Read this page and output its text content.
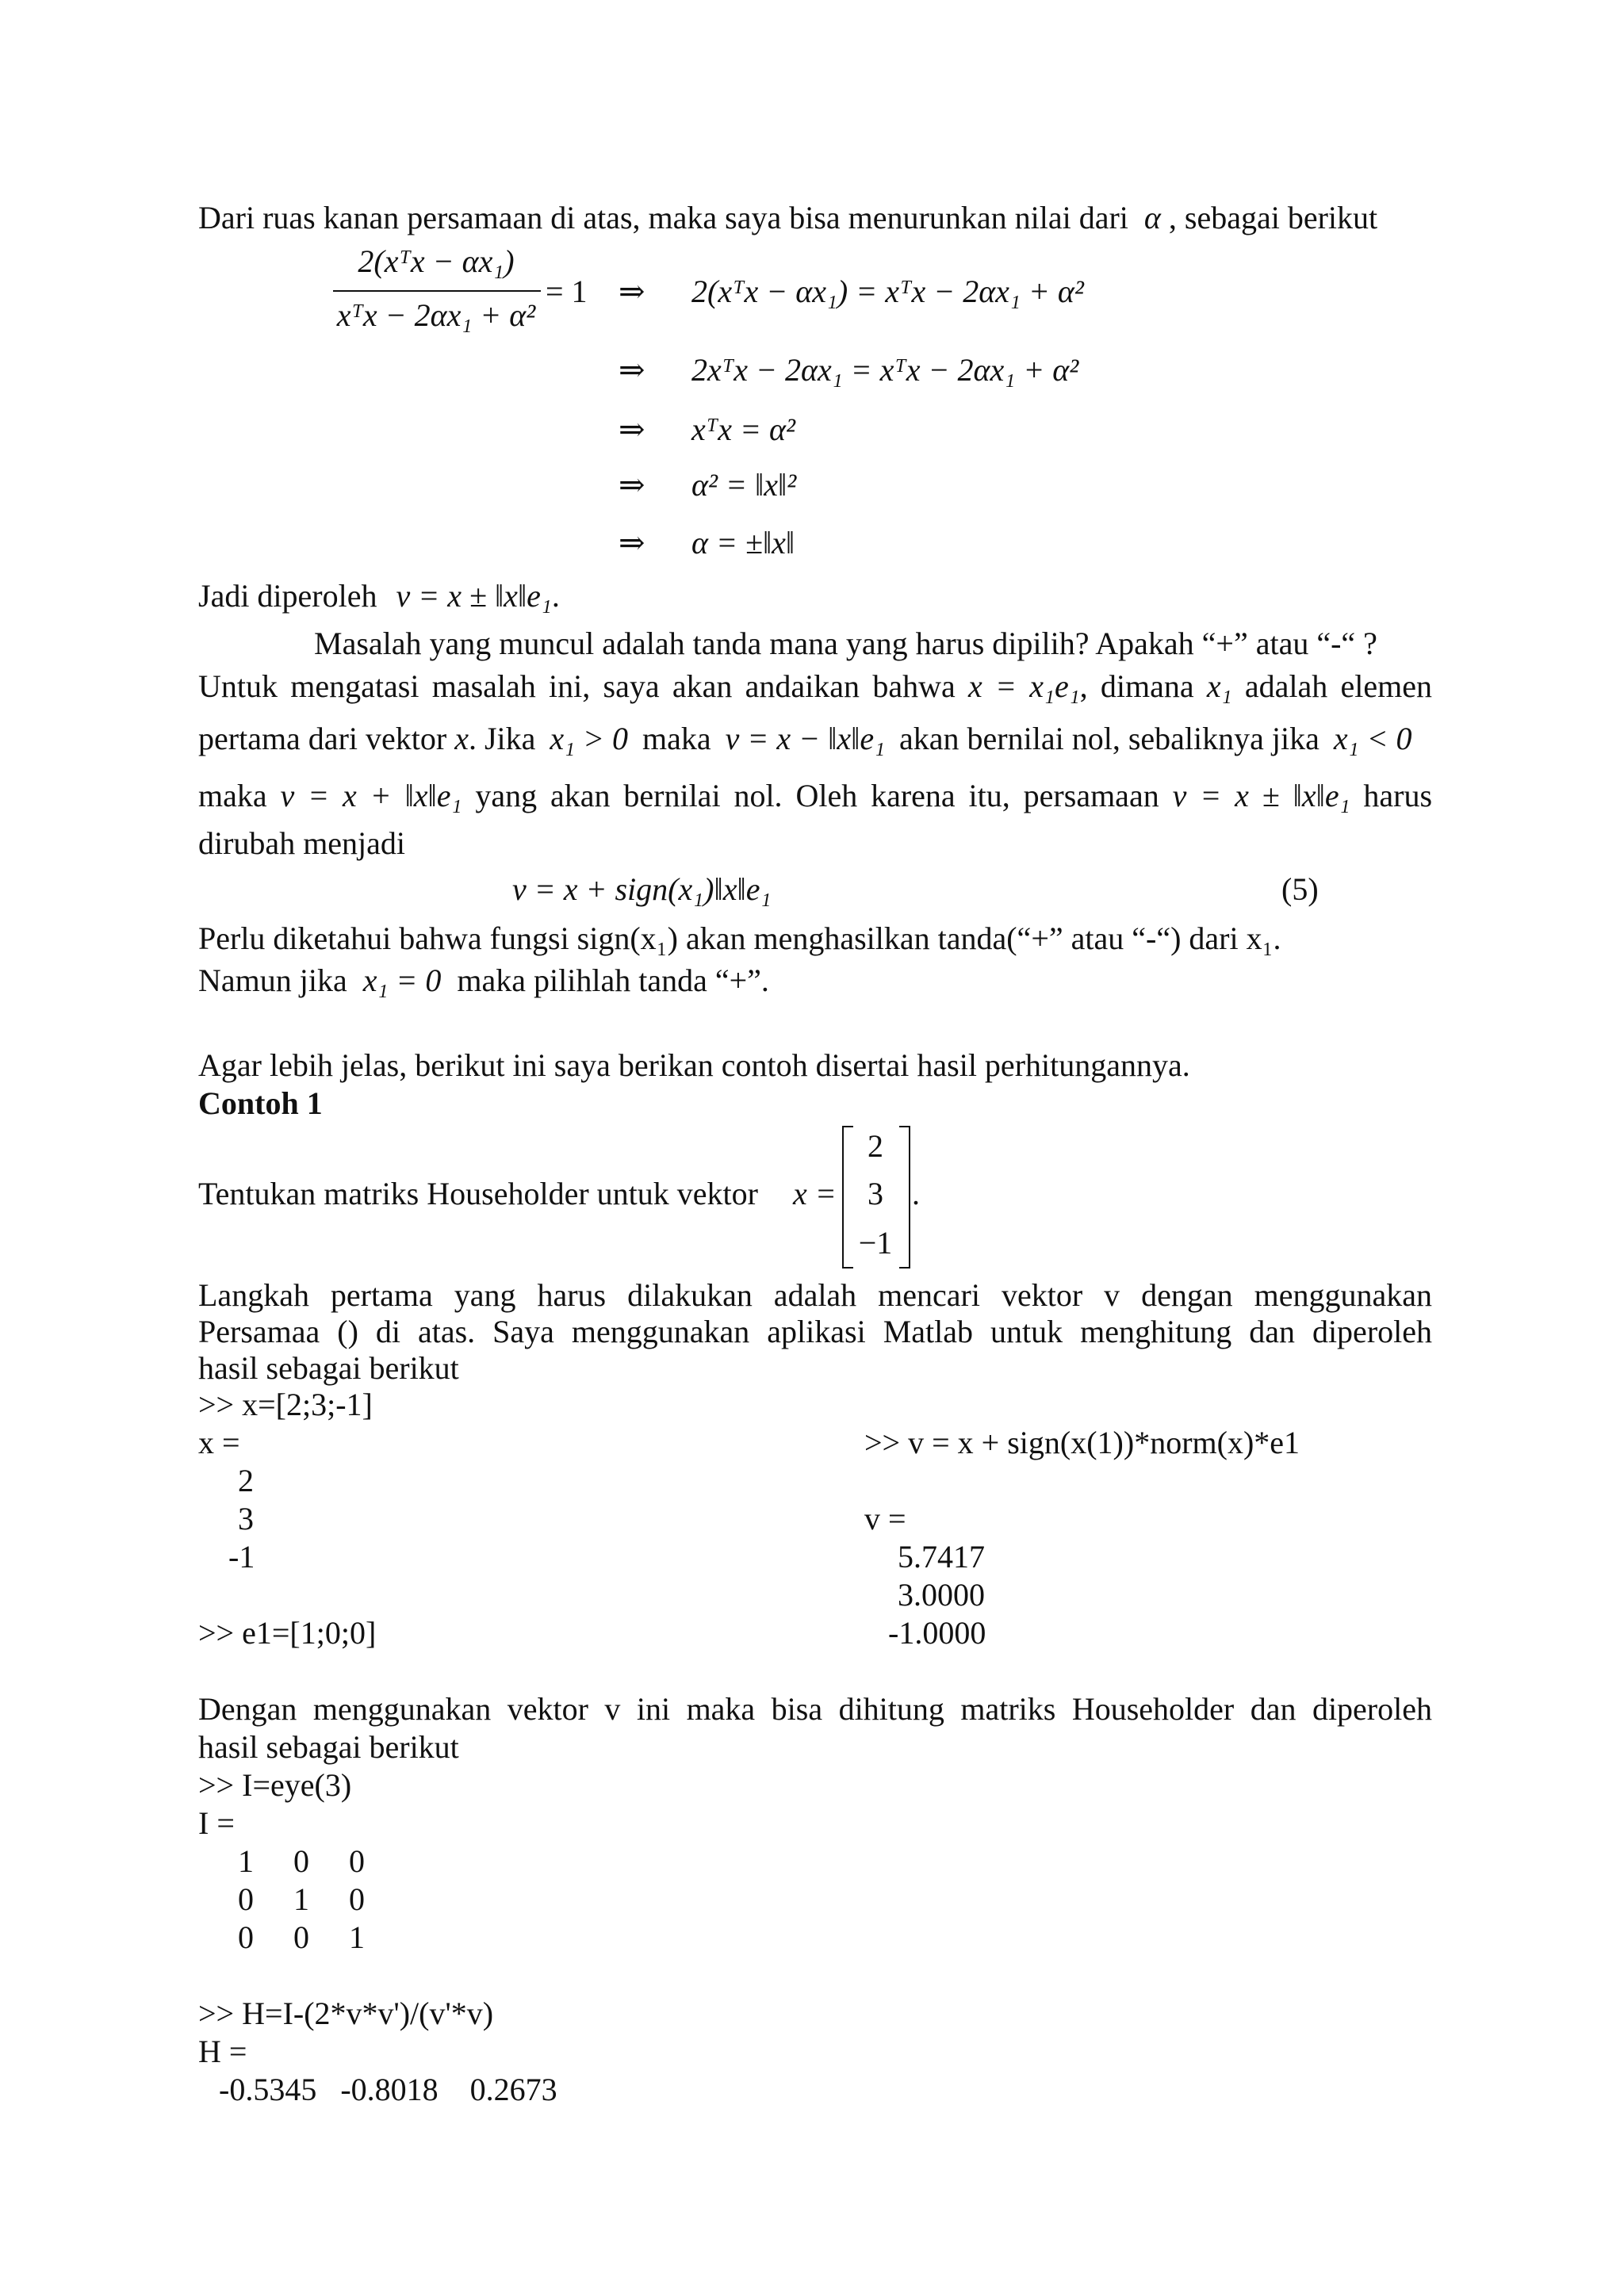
Dari ruas kanan persamaan di atas, maka saya bisa menurunkan nilai dari α , sebagai berikut
2(xᵀx − αx₁)
xᵀx − 2αx₁ + α²
= 1 ⇒ 2(xᵀx − αx₁) = xᵀx − 2αx₁ + α²
⇒ 2xᵀx − 2αx₁ = xᵀx − 2αx₁ + α²
⇒ xᵀx = α²
⇒ α² = ‖x‖²
⇒ α = ±‖x‖
Jadi diperoleh v = x ± ‖x‖e₁.
Masalah yang muncul adalah tanda mana yang harus dipilih? Apakah “+” atau “-“ ?
Untuk mengatasi masalah ini, saya akan andaikan bahwa x = x₁e₁, dimana x₁ adalah elemen
pertama dari vektor x. Jika x₁ > 0 maka v = x − ‖x‖e₁ akan bernilai nol, sebaliknya jika x₁ < 0
maka v = x + ‖x‖e₁ yang akan bernilai nol. Oleh karena itu, persamaan v = x ± ‖x‖e₁ harus
dirubah menjadi
v = x + sign(x₁)‖x‖e₁	(5)
Perlu diketahui bahwa fungsi sign(x₁) akan menghasilkan tanda(“+” atau “-“) dari x₁.
Namun jika x₁ = 0 maka pilihlah tanda “+”.
Agar lebih jelas, berikut ini saya berikan contoh disertai hasil perhitungannya.
Contoh 1
Tentukan matriks Householder untuk vektor x =
2
3
−1
.
Langkah pertama yang harus dilakukan adalah mencari vektor v dengan menggunakan
Persamaa () di atas. Saya menggunakan aplikasi Matlab untuk menghitung dan diperoleh
hasil sebagai berikut
>> x=[2;3;-1]
x =
2
3
-1
>> e1=[1;0;0]
>> v = x + sign(x(1))*norm(x)*e1
v =
5.7417
3.0000
-1.0000
Dengan menggunakan vektor v ini maka bisa dihitung matriks Householder dan diperoleh
hasil sebagai berikut
>> I=eye(3)
I =
1     0     0
0     1     0
0     0     1
>> H=I-(2*v*v')/(v'*v)
H =
-0.5345   -0.8018    0.2673
